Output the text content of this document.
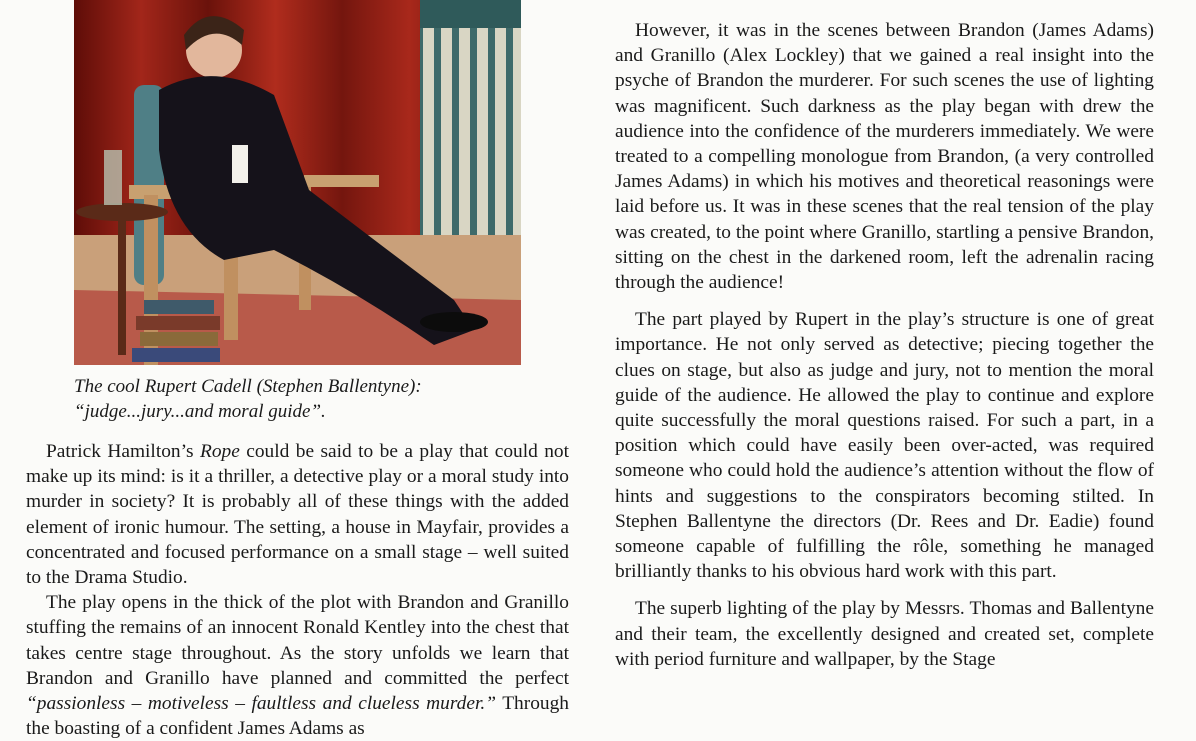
The cool Rupert Cadell (Stephen Ballentyne):
“judge...jury...and moral guide”.

Patrick Hamilton’s Rope could be said to be a play that could not make up its mind: is it a thriller, a detective play or a moral study into murder in society? It is probably all of these things with the added element of ironic humour. The setting, a house in Mayfair, provides a concentrated and focused performance on a small stage – well suited to the Drama Studio.

The play opens in the thick of the plot with Brandon and Granillo stuffing the remains of an innocent Ronald Kentley into the chest that takes centre stage throughout. As the story unfolds we learn that Brandon and Granillo have planned and committed the perfect “passionless – motiveless – faultless and clueless murder.” Through the boasting of a confident James Adams as

However, it was in the scenes between Brandon (James Adams) and Granillo (Alex Lockley) that we gained a real insight into the psyche of Brandon the murderer. For such scenes the use of lighting was magnificent. Such darkness as the play began with drew the audience into the confidence of the murderers immediately. We were treated to a compelling monologue from Brandon, (a very controlled James Adams) in which his motives and theoretical reasonings were laid before us. It was in these scenes that the real tension of the play was created, to the point where Granillo, startling a pensive Brandon, sitting on the chest in the darkened room, left the adrenalin racing through the audience!

The part played by Rupert in the play’s structure is one of great importance. He not only served as detective; piecing together the clues on stage, but also as judge and jury, not to mention the moral guide of the audience. He allowed the play to continue and explore quite successfully the moral questions raised. For such a part, in a position which could have easily been over-acted, was required someone who could hold the audience’s attention without the flow of hints and suggestions to the conspirators becoming stilted. In Stephen Ballentyne the directors (Dr. Rees and Dr. Eadie) found someone capable of fulfilling the rôle, something he managed brilliantly thanks to his obvious hard work with this part.

The superb lighting of the play by Messrs. Thomas and Ballentyne and their team, the excellently designed and created set, complete with period furniture and wallpaper, by the Stage
